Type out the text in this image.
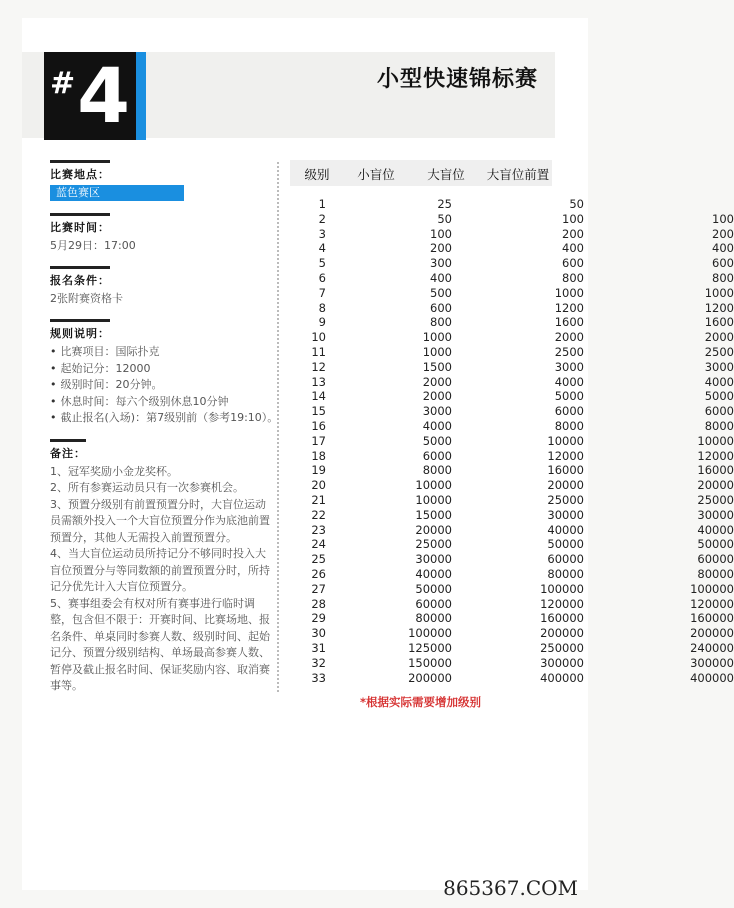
# 4	小型快速锦标赛
比赛地点：
蓝色赛区
比赛时间：
5月29日：17:00
报名条件：
2张附赛资格卡
规则说明：
• 比赛项目：国际扑克
• 起始记分：12000
• 级别时间：20分钟。
• 休息时间：每六个级别休息10分钟
• 截止报名(入场)：第7级别前（参考19:10）。
备注：
1、冠军奖励小金龙奖杯。
2、所有参赛运动员只有一次参赛机会。
3、预置分级别有前置预置分时，大盲位运动
员需额外投入一个大盲位预置分作为底池前置
预置分，其他人无需投入前置预置分。
4、当大盲位运动员所持记分不够同时投入大
盲位预置分与等同数额的前置预置分时，所持
记分优先计入大盲位预置分。
5、赛事组委会有权对所有赛事进行临时调
整，包含但不限于：开赛时间、比赛场地、报
名条件、单桌同时参赛人数、级别时间、起始
记分、预置分级别结构、单场最高参赛人数、
暂停及截止报名时间、保证奖励内容、取消赛
事等。
级别	小盲位	大盲位	大盲位前置
1	25	50
2	50	100	100
3	100	200	200
4	200	400	400
5	300	600	600
6	400	800	800
7	500	1000	1000
8	600	1200	1200
9	800	1600	1600
10	1000	2000	2000
11	1000	2500	2500
12	1500	3000	3000
13	2000	4000	4000
14	2000	5000	5000
15	3000	6000	6000
16	4000	8000	8000
17	5000	10000	10000
18	6000	12000	12000
19	8000	16000	16000
20	10000	20000	20000
21	10000	25000	25000
22	15000	30000	30000
23	20000	40000	40000
24	25000	50000	50000
25	30000	60000	60000
26	40000	80000	80000
27	50000	100000	100000
28	60000	120000	120000
29	80000	160000	160000
30	100000	200000	200000
31	125000	250000	240000
32	150000	300000	300000
33	200000	400000	400000
*根据实际需要增加级别
865367.COM
